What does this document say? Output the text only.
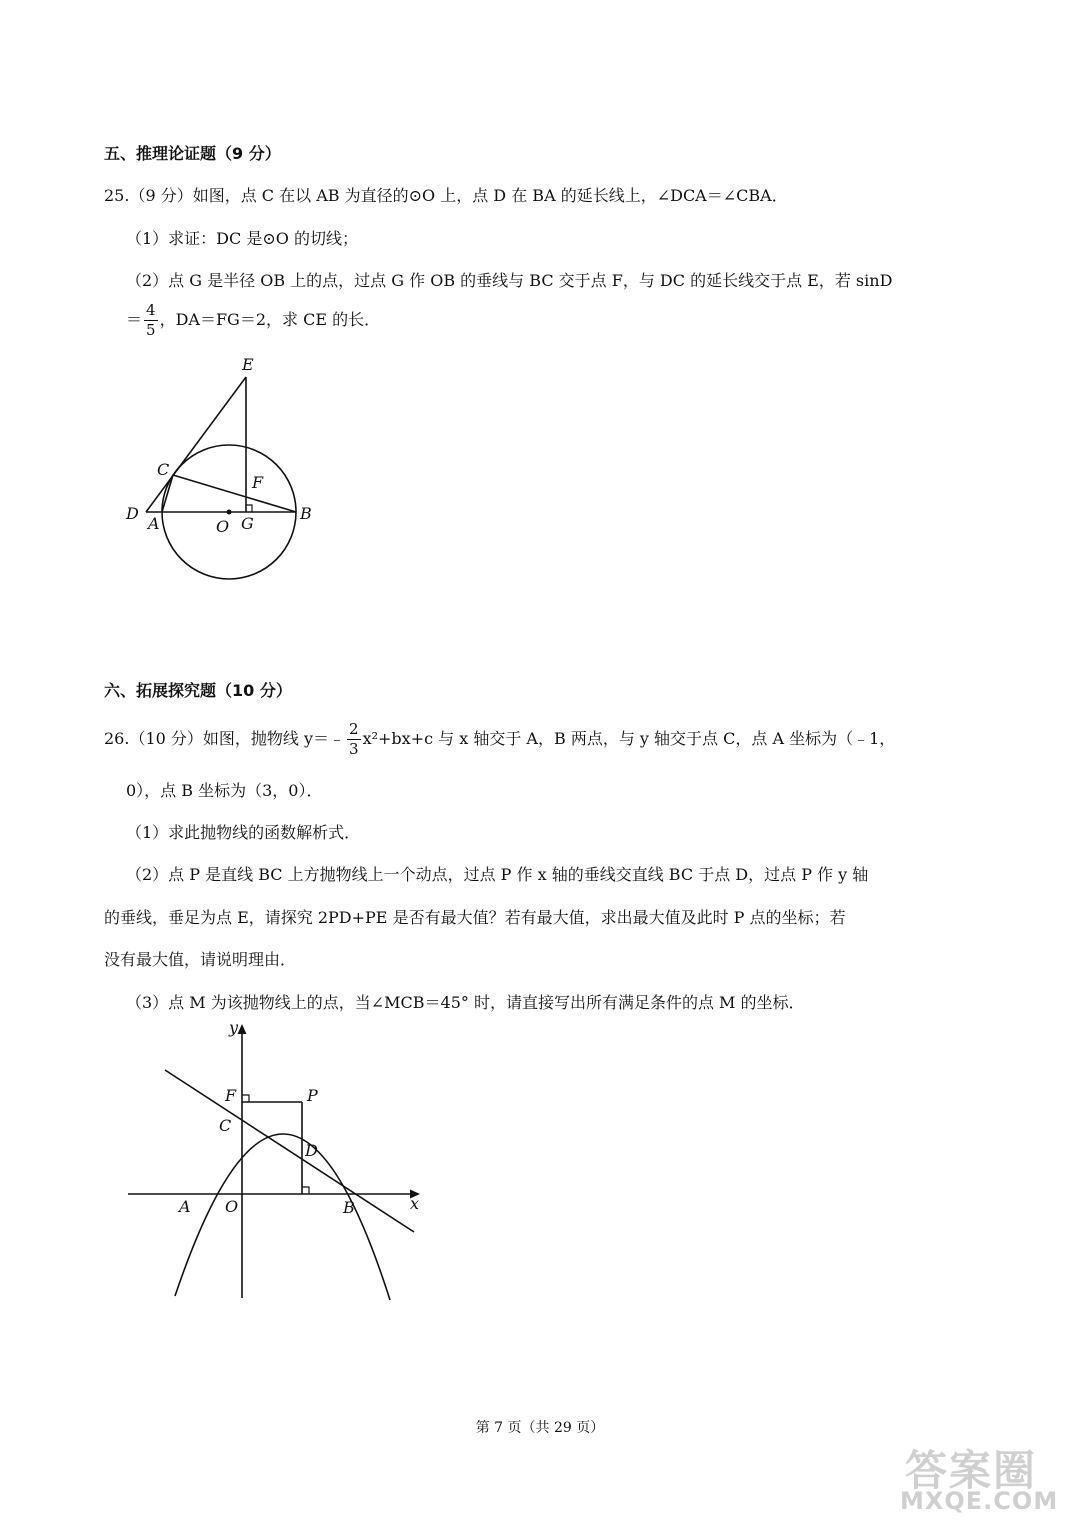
五、推理论证题（9 分）
25.（9 分）如图，点 C 在以 AB 为直径的⊙O 上，点 D 在 BA 的延长线上，∠DCA＝∠CBA．
（1）求证：DC 是⊙O 的切线；
（2）点 G 是半径 OB 上的点，过点 G 作 OB 的垂线与 BC 交于点 F，与 DC 的延长线交于点 E，若 sinD
＝ $\frac{4}{5}$ ，DA＝FG＝2，求 CE 的长．
E
C
F
D
A	O G
B
六、拓展探究题（10 分）
26.（10 分）如图，抛物线 y＝﹣ $\frac{2}{3} x^2+bx+c$ 与 x 轴交于 A，B 两点，与 y 轴交于点 C，点 A 坐标为（﹣1，
0），点 B 坐标为（3，0）．
（1）求此抛物线的函数解析式．
（2）点 P 是直线 BC 上方抛物线上一个动点，过点 P 作 x 轴的垂线交直线 BC 于点 D，过点 P 作 y 轴
的垂线，垂足为点 E，请探究 2PD+PE 是否有最大值？若有最大值，求出最大值及此时 P 点的坐标；若
没有最大值，请说明理由．
（3）点 M 为该抛物线上的点，当∠MCB＝45° 时，请直接写出所有满足条件的点 M 的坐标．
y
x
F	P
C
D
A O	B
第 7 页（共 29 页）
答案圈
MXQE.COM
